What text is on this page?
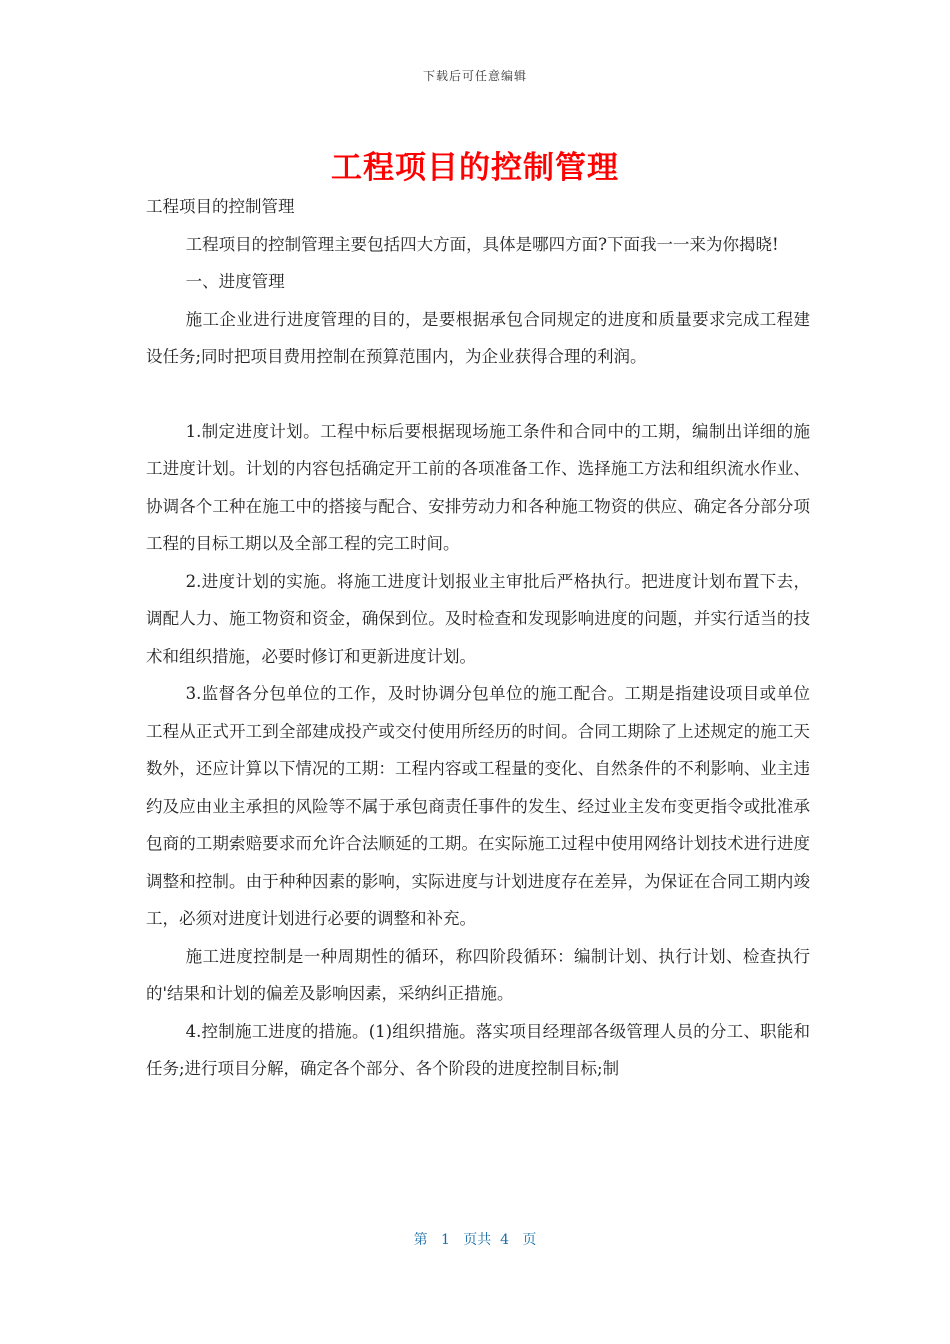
下载后可任意编辑
工程项目的控制管理

工程项目的控制管理

工程项目的控制管理主要包括四大方面，具体是哪四方面?下面我一一来为你揭晓!

一、进度管理

施工企业进行进度管理的目的，是要根据承包合同规定的进度和质量要求完成工程建设任务;同时把项目费用控制在预算范围内，为企业获得合理的利润。

1.制定进度计划。工程中标后要根据现场施工条件和合同中的工期，编制出详细的施工进度计划。计划的内容包括确定开工前的各项准备工作、选择施工方法和组织流水作业、协调各个工种在施工中的搭接与配合、安排劳动力和各种施工物资的供应、确定各分部分项工程的目标工期以及全部工程的完工时间。

2.进度计划的实施。将施工进度计划报业主审批后严格执行。把进度计划布置下去，调配人力、施工物资和资金，确保到位。及时检查和发现影响进度的问题，并实行适当的技术和组织措施，必要时修订和更新进度计划。

3.监督各分包单位的工作，及时协调分包单位的施工配合。工期是指建设项目或单位工程从正式开工到全部建成投产或交付使用所经历的时间。合同工期除了上述规定的施工天数外，还应计算以下情况的工期：工程内容或工程量的变化、自然条件的不利影响、业主违约及应由业主承担的风险等不属于承包商责任事件的发生、经过业主发布变更指令或批准承包商的工期索赔要求而允许合法顺延的工期。在实际施工过程中使用网络计划技术进行进度调整和控制。由于种种因素的影响，实际进度与计划进度存在差异，为保证在合同工期内竣工，必须对进度计划进行必要的调整和补充。

施工进度控制是一种周期性的循环，称四阶段循环：编制计划、执行计划、检查执行的'结果和计划的偏差及影响因素，采纳纠正措施。

4.控制施工进度的措施。(1)组织措施。落实项目经理部各级管理人员的分工、职能和任务;进行项目分解，确定各个部分、各个阶段的进度控制目标;制

第   1   页共  4   页
